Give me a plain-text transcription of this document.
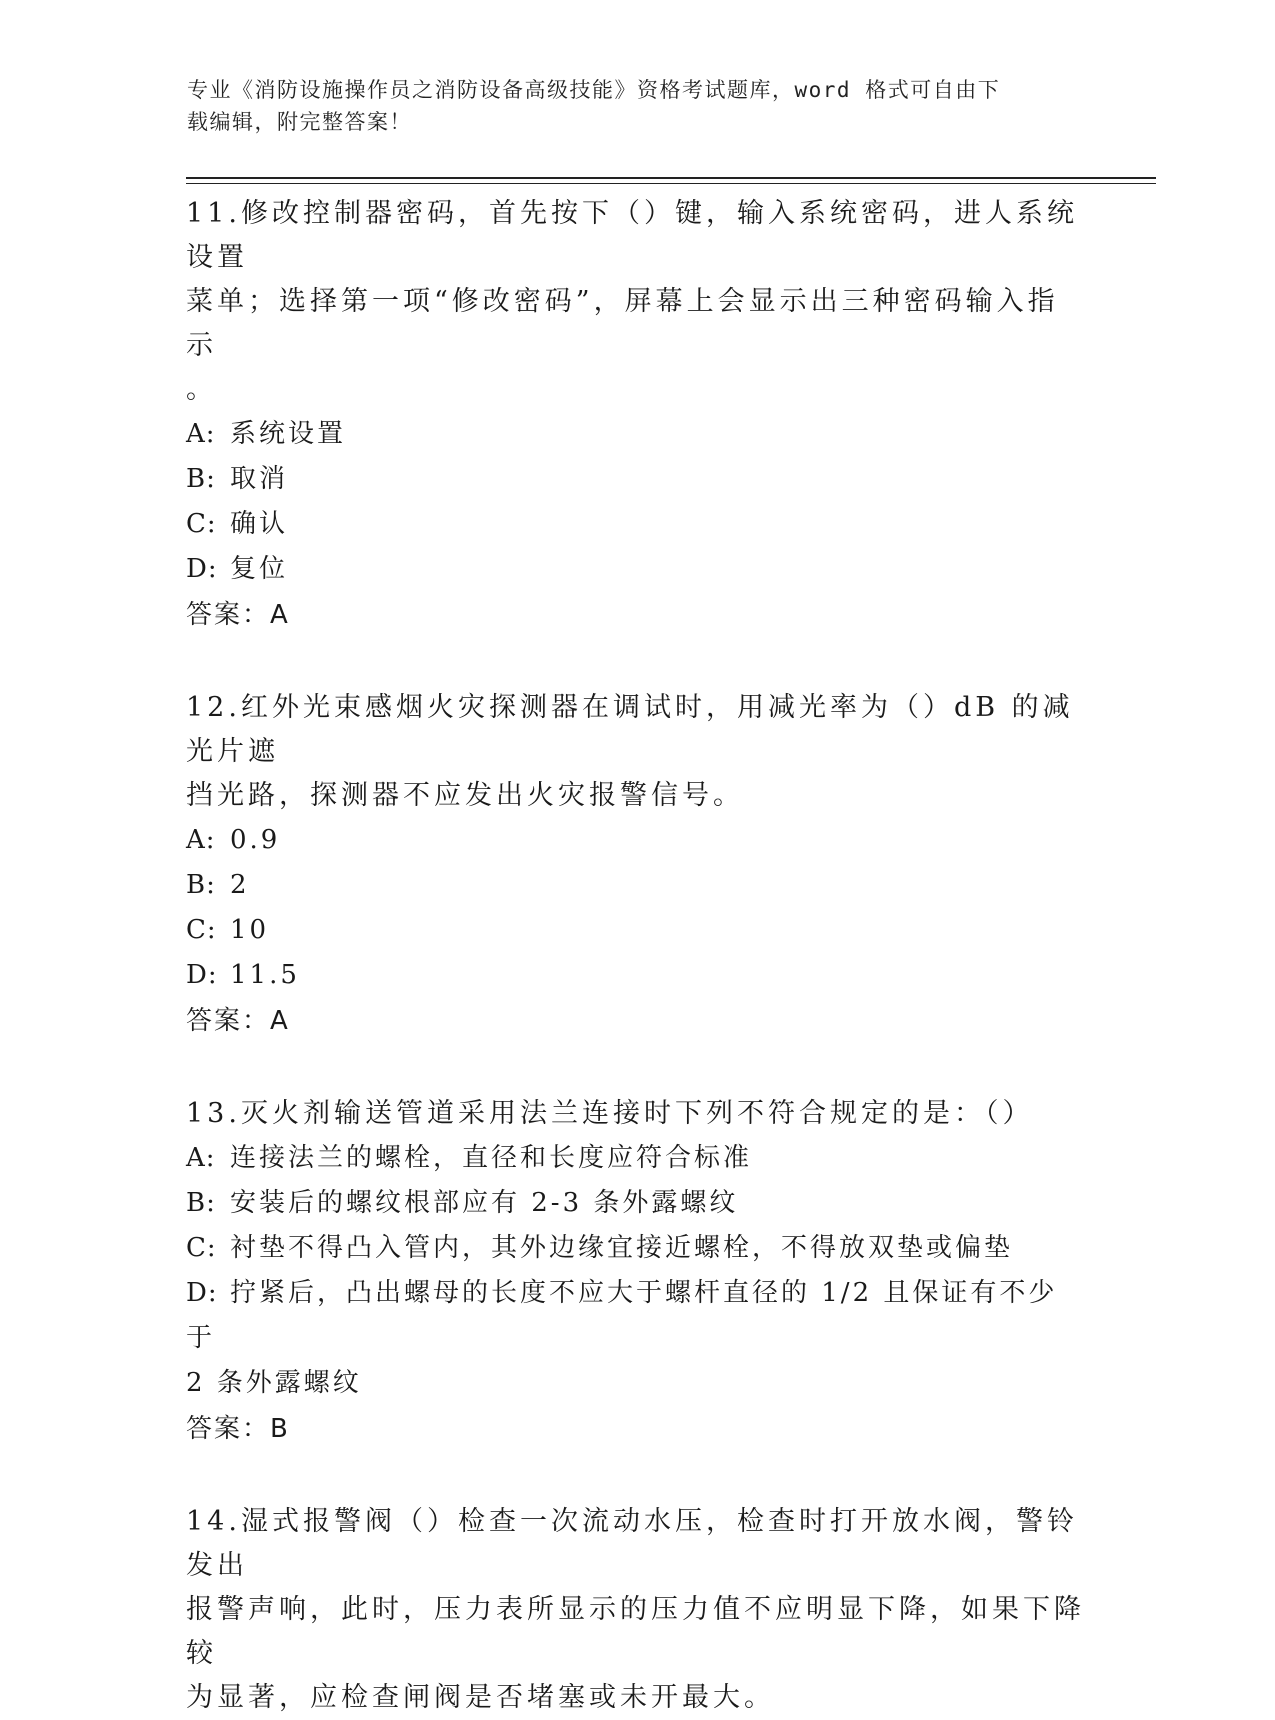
专业《消防设施操作员之消防设备高级技能》资格考试题库，word 格式可自由下
载编辑，附完整答案！

11.修改控制器密码，首先按下（）键，输入系统密码，进人系统设置
菜单；选择第一项“修改密码”，屏幕上会显示出三种密码输入指示
。

A: 系统设置

B: 取消

C: 确认

D: 复位

答案：A

12.红外光束感烟火灾探测器在调试时，用减光率为（）dB 的减光片遮
挡光路，探测器不应发出火灾报警信号。

A: 0.9

B: 2

C: 10

D: 11.5

答案：A

13.灭火剂输送管道采用法兰连接时下列不符合规定的是：（）

A: 连接法兰的螺栓，直径和长度应符合标准

B: 安装后的螺纹根部应有 2-3 条外露螺纹

C: 衬垫不得凸入管内，其外边缘宜接近螺栓，不得放双垫或偏垫

D: 拧紧后，凸出螺母的长度不应大于螺杆直径的 1/2 且保证有不少于

2 条外露螺纹

答案：B

14.湿式报警阀（）检查一次流动水压，检查时打开放水阀，警铃发出
报警声响，此时，压力表所显示的压力值不应明显下降，如果下降较
为显著，应检查闸阀是否堵塞或未开最大。
